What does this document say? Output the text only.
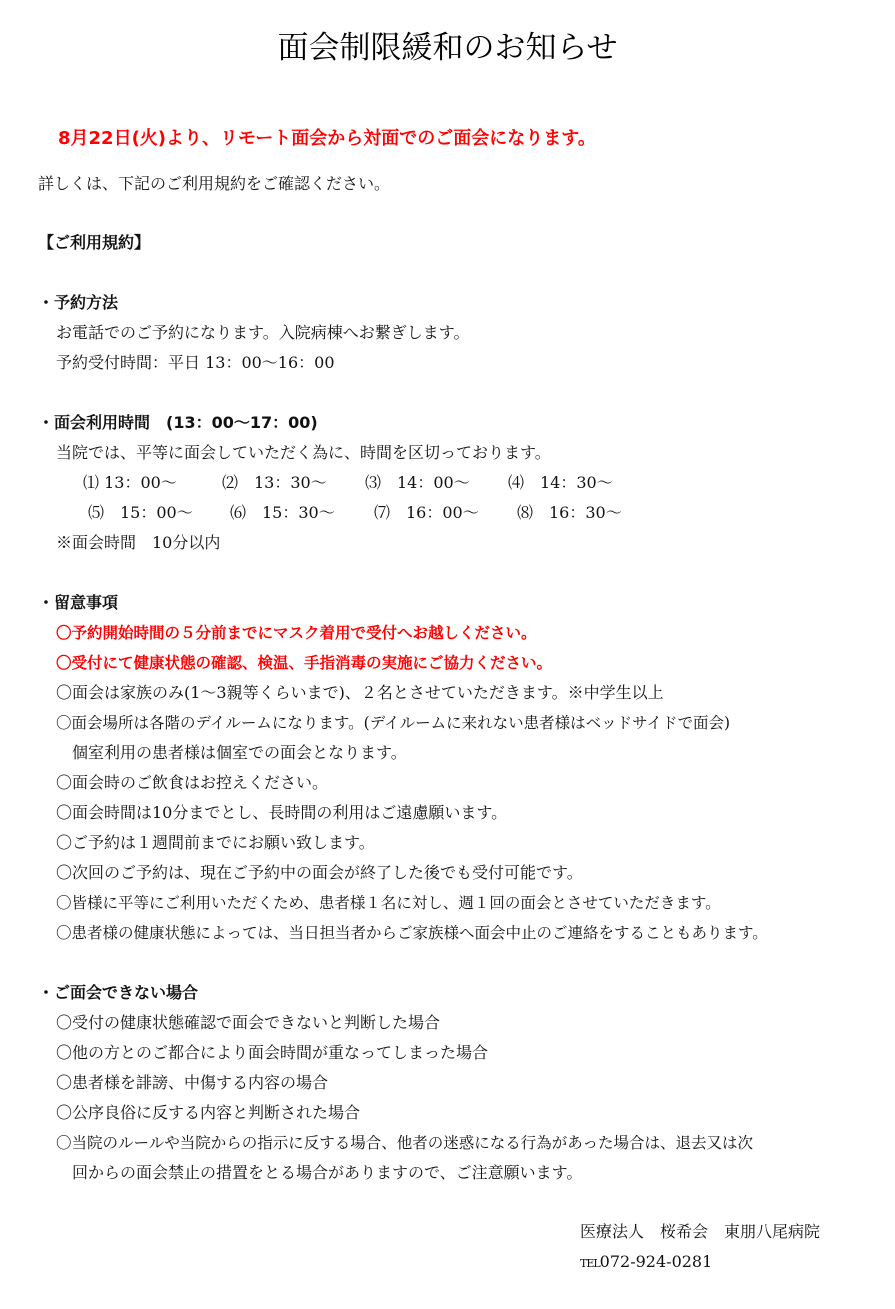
面会制限緩和のお知らせ
8月22日(火)より、リモート面会から対面でのご面会になります。
詳しくは、下記のご利用規約をご確認ください。
【ご利用規約】
・予約方法
お電話でのご予約になります。入院病棟へお繋ぎします。
予約受付時間：平日 13：00〜16：00
・面会利用時間　(13：00〜17：00)
当院では、平等に面会していただく為に、時間を区切っております。
⑴ 13：00〜	⑵　13：30〜 ⑶　14：00〜 ⑷　14：30〜
⑸　15：00〜 ⑹　15：30〜 ⑺　16：00〜 ⑻　16：30〜
※面会時間　10分以内
・留意事項
〇予約開始時間の５分前までにマスク着用で受付へお越しください。
〇受付にて健康状態の確認、検温、手指消毒の実施にご協力ください。
〇面会は家族のみ(1〜3親等くらいまで)、２名とさせていただきます。※中学生以上
〇面会場所は各階のデイルームになります。(デイルームに来れない患者様はベッドサイドで面会)
個室利用の患者様は個室での面会となります。
〇面会時のご飲食はお控えください。
〇面会時間は10分までとし、長時間の利用はご遠慮願います。
〇ご予約は１週間前までにお願い致します。
〇次回のご予約は、現在ご予約中の面会が終了した後でも受付可能です。
〇皆様に平等にご利用いただくため、患者様１名に対し、週１回の面会とさせていただきます。
〇患者様の健康状態によっては、当日担当者からご家族様へ面会中止のご連絡をすることもあります。
・ご面会できない場合
〇受付の健康状態確認で面会できないと判断した場合
〇他の方とのご都合により面会時間が重なってしまった場合
〇患者様を誹謗、中傷する内容の場合
〇公序良俗に反する内容と判断された場合
〇当院のルールや当院からの指示に反する場合、他者の迷惑になる行為があった場合は、退去又は次
回からの面会禁止の措置をとる場合がありますので、ご注意願います。
医療法人　桜希会　東朋八尾病院
TEL072-924-0281
